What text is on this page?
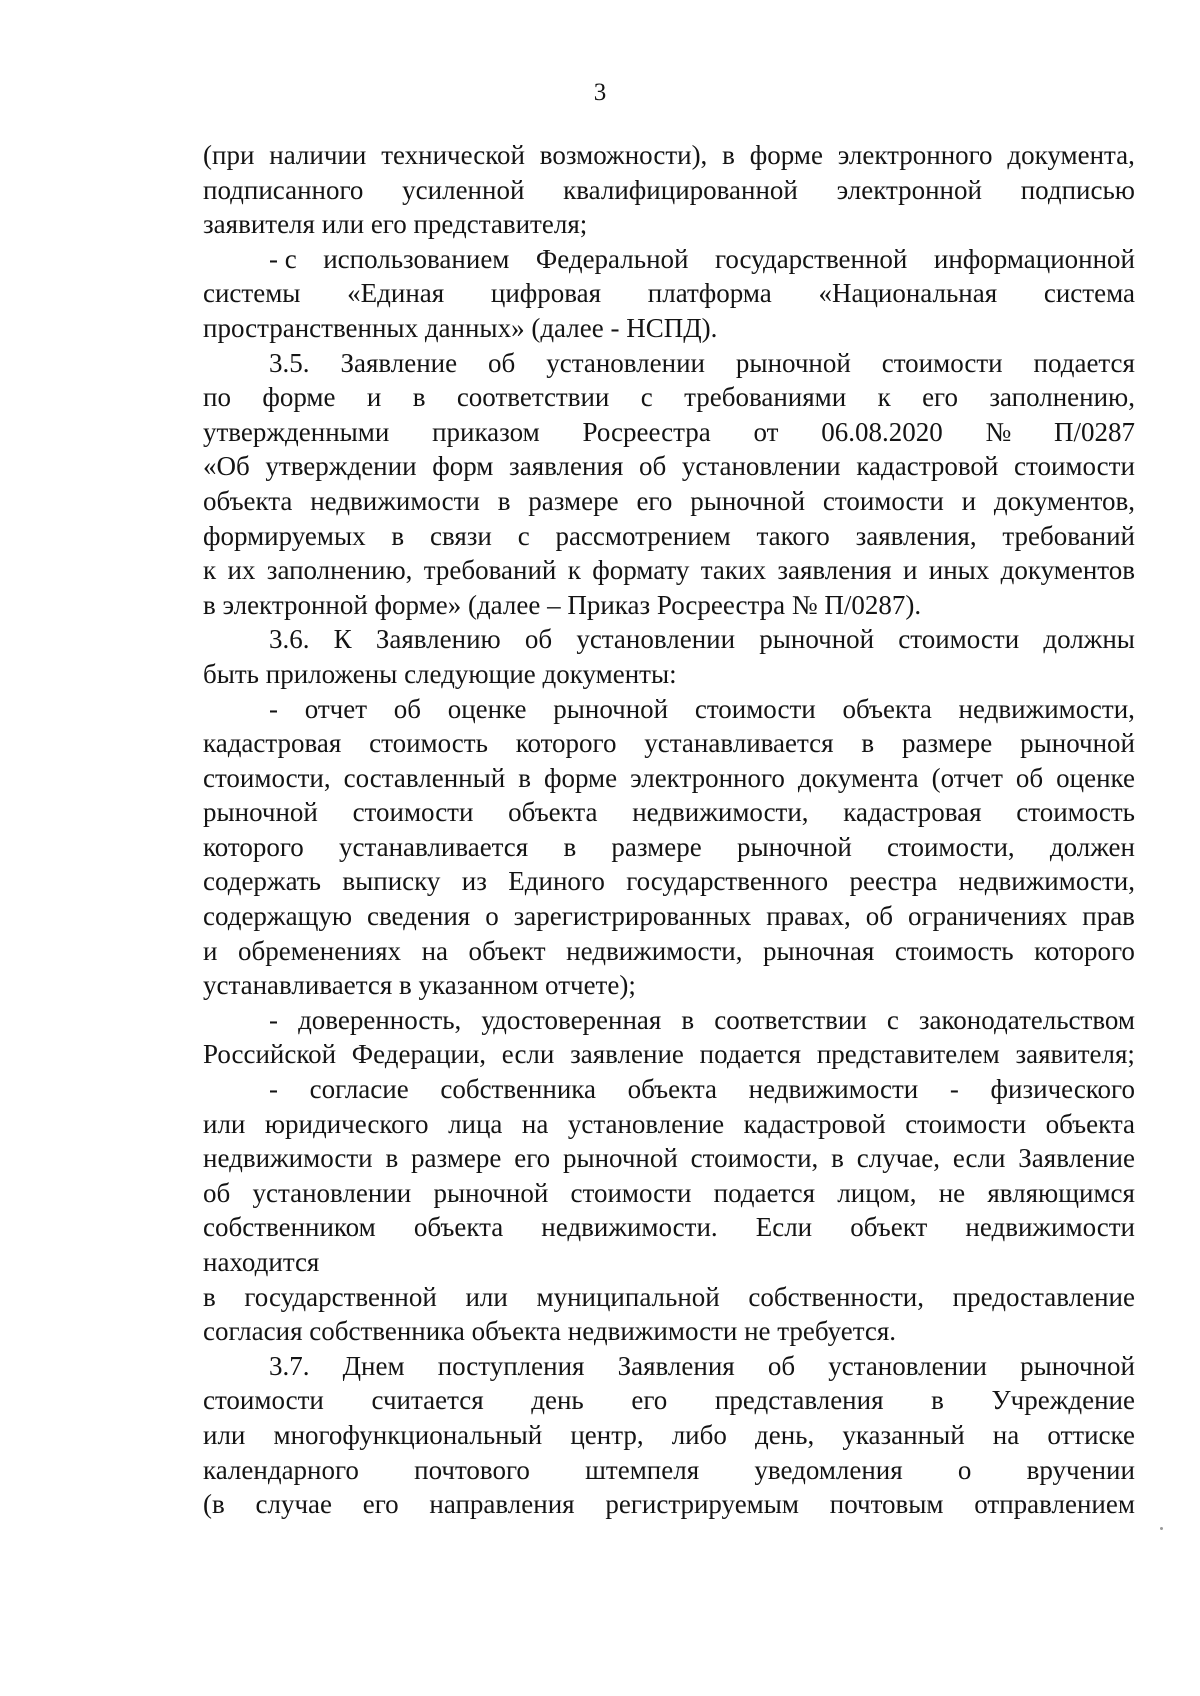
3
(при наличии технической возможности), в форме электронного документа,
подписанного усиленной квалифицированной электронной подписью
заявителя или его представителя;
- с использованием Федеральной государственной информационной
системы «Единая цифровая платформа «Национальная система
пространственных данных» (далее - НСПД).
3.5. Заявление об установлении рыночной стоимости подается
по форме и в соответствии с требованиями к его заполнению,
утвержденными приказом Росреестра от 06.08.2020 № П/0287
«Об утверждении форм заявления об установлении кадастровой стоимости
объекта недвижимости в размере его рыночной стоимости и документов,
формируемых в связи с рассмотрением такого заявления, требований
к их заполнению, требований к формату таких заявления и иных документов
в электронной форме» (далее – Приказ Росреестра № П/0287).
3.6. К Заявлению об установлении рыночной стоимости должны
быть приложены следующие документы:
- отчет об оценке рыночной стоимости объекта недвижимости,
кадастровая стоимость которого устанавливается в размере рыночной
стоимости, составленный в форме электронного документа (отчет об оценке
рыночной стоимости объекта недвижимости, кадастровая стоимость
которого устанавливается в размере рыночной стоимости, должен
содержать выписку из Единого государственного реестра недвижимости,
содержащую сведения о зарегистрированных правах, об ограничениях прав
и обременениях на объект недвижимости, рыночная стоимость которого
устанавливается в указанном отчете);
- доверенность, удостоверенная в соответствии с законодательством
Российской Федерации, если заявление подается представителем заявителя;
- согласие собственника объекта недвижимости - физического
или юридического лица на установление кадастровой стоимости объекта
недвижимости в размере его рыночной стоимости, в случае, если Заявление
об установлении рыночной стоимости подается лицом, не являющимся
собственником объекта недвижимости. Если объект недвижимости
находится
в государственной или муниципальной собственности, предоставление
согласия собственника объекта недвижимости не требуется.
3.7. Днем поступления Заявления об установлении рыночной
стоимости считается день его представления в Учреждение
или многофункциональный центр, либо день, указанный на оттиске
календарного почтового штемпеля уведомления о вручении
(в случае его направления регистрируемым почтовым отправлением
